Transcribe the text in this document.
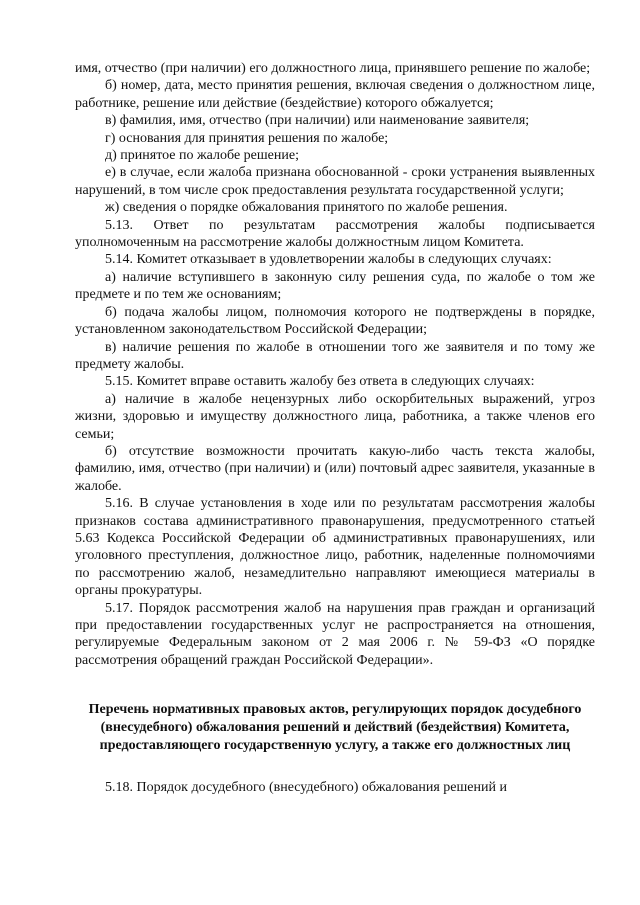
имя, отчество (при наличии) его должностного лица, принявшего решение по жалобе;

б) номер, дата, место принятия решения, включая сведения о должностном лице, работнике, решение или действие (бездействие) которого обжалуется;

в) фамилия, имя, отчество (при наличии) или наименование заявителя;

г) основания для принятия решения по жалобе;

д) принятое по жалобе решение;

е) в случае, если жалоба признана обоснованной - сроки устранения выявленных нарушений, в том числе срок предоставления результата государственной услуги;

ж) сведения о порядке обжалования принятого по жалобе решения.

5.13. Ответ по результатам рассмотрения жалобы подписывается уполномоченным на рассмотрение жалобы должностным лицом Комитета.

5.14. Комитет отказывает в удовлетворении жалобы в следующих случаях:

а) наличие вступившего в законную силу решения суда, по жалобе о том же предмете и по тем же основаниям;

б) подача жалобы лицом, полномочия которого не подтверждены в порядке, установленном законодательством Российской Федерации;

в) наличие решения по жалобе в отношении того же заявителя и по тому же предмету жалобы.

5.15. Комитет вправе оставить жалобу без ответа в следующих случаях:

а) наличие в жалобе нецензурных либо оскорбительных выражений, угроз жизни, здоровью и имуществу должностного лица, работника, а также членов его семьи;

б) отсутствие возможности прочитать какую-либо часть текста жалобы, фамилию, имя, отчество (при наличии) и (или) почтовый адрес заявителя, указанные в жалобе.

5.16. В случае установления в ходе или по результатам рассмотрения жалобы признаков состава административного правонарушения, предусмотренного статьей 5.63 Кодекса Российской Федерации об административных правонарушениях, или уголовного преступления, должностное лицо, работник, наделенные полномочиями по рассмотрению жалоб, незамедлительно направляют имеющиеся материалы в органы прокуратуры.

5.17. Порядок рассмотрения жалоб на нарушения прав граждан и организаций при предоставлении государственных услуг не распространяется на отношения, регулируемые Федеральным законом от 2 мая 2006 г. № 59-ФЗ «О порядке рассмотрения обращений граждан Российской Федерации».

Перечень нормативных правовых актов, регулирующих порядок досудебного (внесудебного) обжалования решений и действий (бездействия) Комитета, предоставляющего государственную услугу, а также его должностных лиц

5.18. Порядок досудебного (внесудебного) обжалования решений и
